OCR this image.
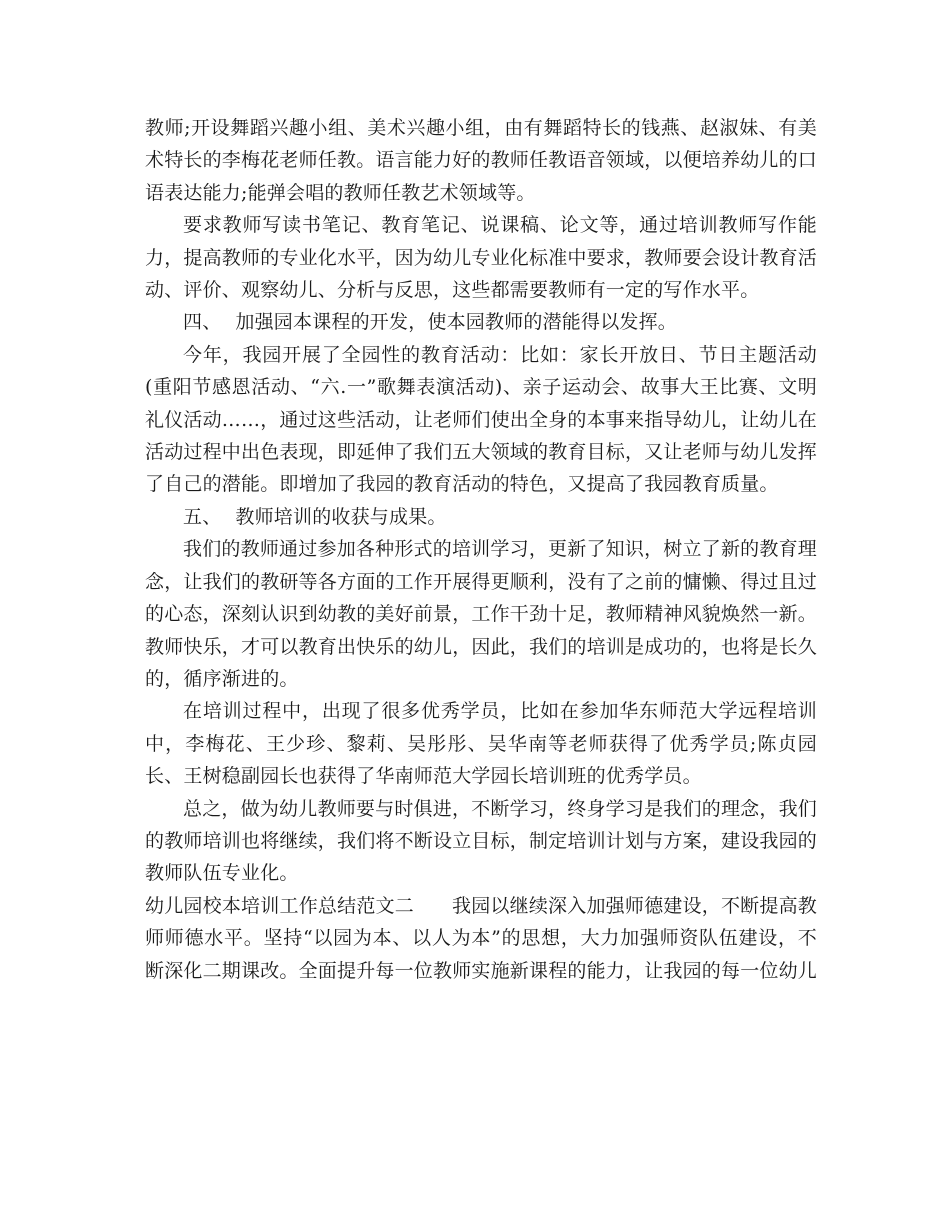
教师;开设舞蹈兴趣小组、美术兴趣小组，由有舞蹈特长的钱燕、赵淑妹、有美术特长的李梅花老师任教。语言能力好的教师任教语音领域，以便培养幼儿的口语表达能力;能弹会唱的教师任教艺术领域等。

要求教师写读书笔记、教育笔记、说课稿、论文等，通过培训教师写作能力，提高教师的专业化水平，因为幼儿专业化标准中要求，教师要会设计教育活动、评价、观察幼儿、分析与反思，这些都需要教师有一定的写作水平。

四、 加强园本课程的开发，使本园教师的潜能得以发挥。

今年，我园开展了全园性的教育活动：比如：家长开放日、节日主题活动(重阳节感恩活动、“六.一”歌舞表演活动)、亲子运动会、故事大王比赛、文明礼仪活动……，通过这些活动，让老师们使出全身的本事来指导幼儿，让幼儿在活动过程中出色表现，即延伸了我们五大领域的教育目标，又让老师与幼儿发挥了自己的潜能。即增加了我园的教育活动的特色，又提高了我园教育质量。

五、 教师培训的收获与成果。

我们的教师通过参加各种形式的培训学习，更新了知识，树立了新的教育理念，让我们的教研等各方面的工作开展得更顺利，没有了之前的慵懒、得过且过的心态，深刻认识到幼教的美好前景，工作干劲十足，教师精神风貌焕然一新。教师快乐，才可以教育出快乐的幼儿，因此，我们的培训是成功的，也将是长久的，循序渐进的。

在培训过程中，出现了很多优秀学员，比如在参加华东师范大学远程培训中，李梅花、王少珍、黎莉、吴彤彤、吴华南等老师获得了优秀学员;陈贞园长、王树稳副园长也获得了华南师范大学园长培训班的优秀学员。

总之，做为幼儿教师要与时俱进，不断学习，终身学习是我们的理念，我们的教师培训也将继续，我们将不断设立目标，制定培训计划与方案，建设我园的教师队伍专业化。

幼儿园校本培训工作总结范文二 我园以继续深入加强师德建设，不断提高教师师德水平。坚持“以园为本、以人为本”的思想，大力加强师资队伍建设，不断深化二期课改。全面提升每一位教师实施新课程的能力，让我园的每一位幼儿
